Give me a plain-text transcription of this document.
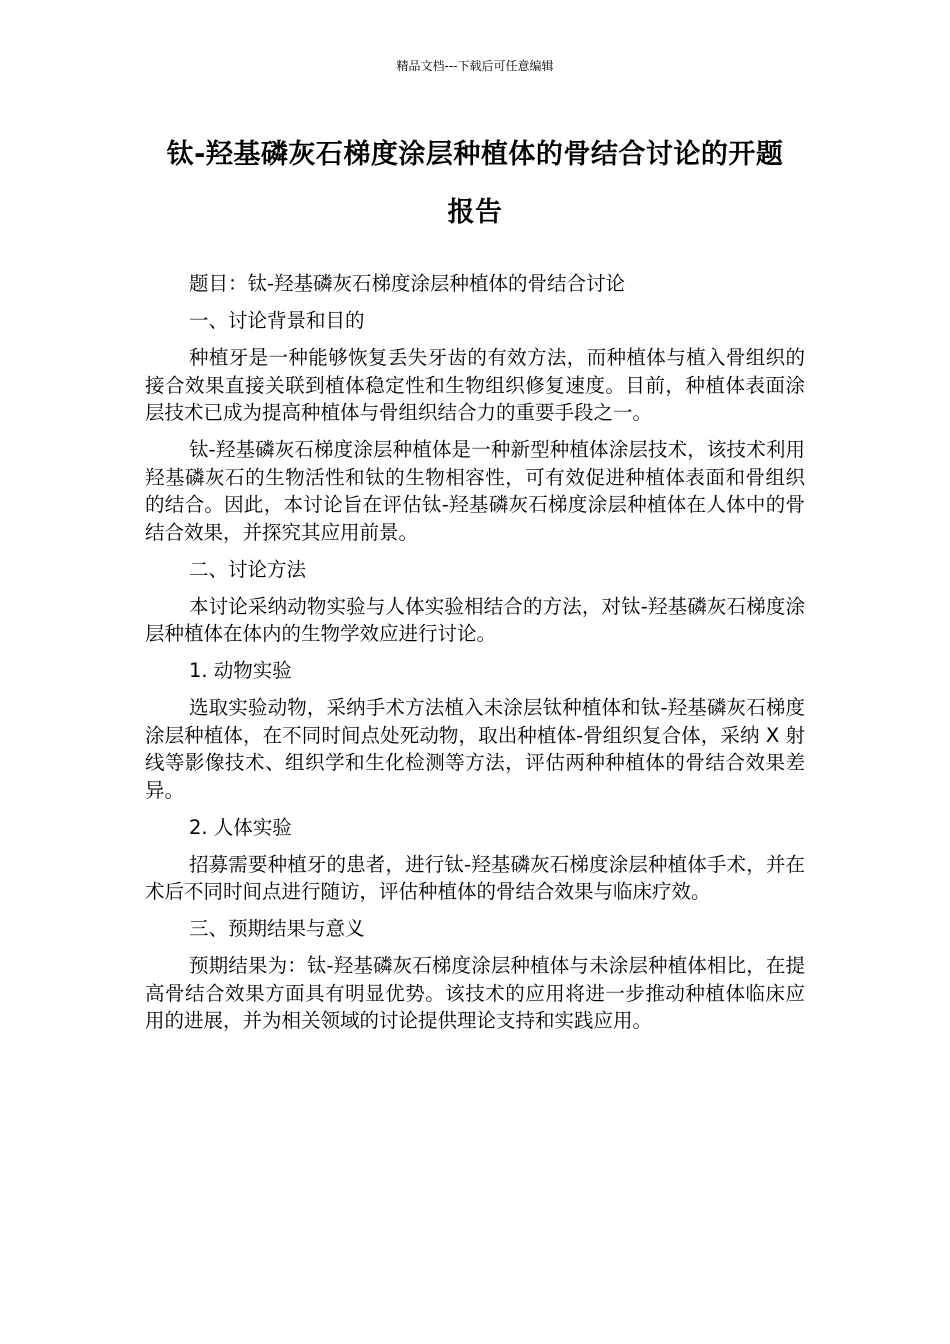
精品文档---下载后可任意编辑
钛-羟基磷灰石梯度涂层种植体的骨结合讨论的开题
报告

题目：钛-羟基磷灰石梯度涂层种植体的骨结合讨论

一、讨论背景和目的

种植牙是一种能够恢复丢失牙齿的有效方法，而种植体与植入骨组织的接合效果直接关联到植体稳定性和生物组织修复速度。目前，种植体表面涂层技术已成为提高种植体与骨组织结合力的重要手段之一。

钛-羟基磷灰石梯度涂层种植体是一种新型种植体涂层技术，该技术利用羟基磷灰石的生物活性和钛的生物相容性，可有效促进种植体表面和骨组织的结合。因此，本讨论旨在评估钛-羟基磷灰石梯度涂层种植体在人体中的骨结合效果，并探究其应用前景。

二、讨论方法

本讨论采纳动物实验与人体实验相结合的方法，对钛-羟基磷灰石梯度涂层种植体在体内的生物学效应进行讨论。

1. 动物实验

选取实验动物，采纳手术方法植入未涂层钛种植体和钛-羟基磷灰石梯度涂层种植体，在不同时间点处死动物，取出种植体-骨组织复合体，采纳 X 射线等影像技术、组织学和生化检测等方法，评估两种种植体的骨结合效果差异。

2. 人体实验

招募需要种植牙的患者，进行钛-羟基磷灰石梯度涂层种植体手术，并在术后不同时间点进行随访，评估种植体的骨结合效果与临床疗效。

三、预期结果与意义

预期结果为：钛-羟基磷灰石梯度涂层种植体与未涂层种植体相比，在提高骨结合效果方面具有明显优势。该技术的应用将进一步推动种植体临床应用的进展，并为相关领域的讨论提供理论支持和实践应用。
